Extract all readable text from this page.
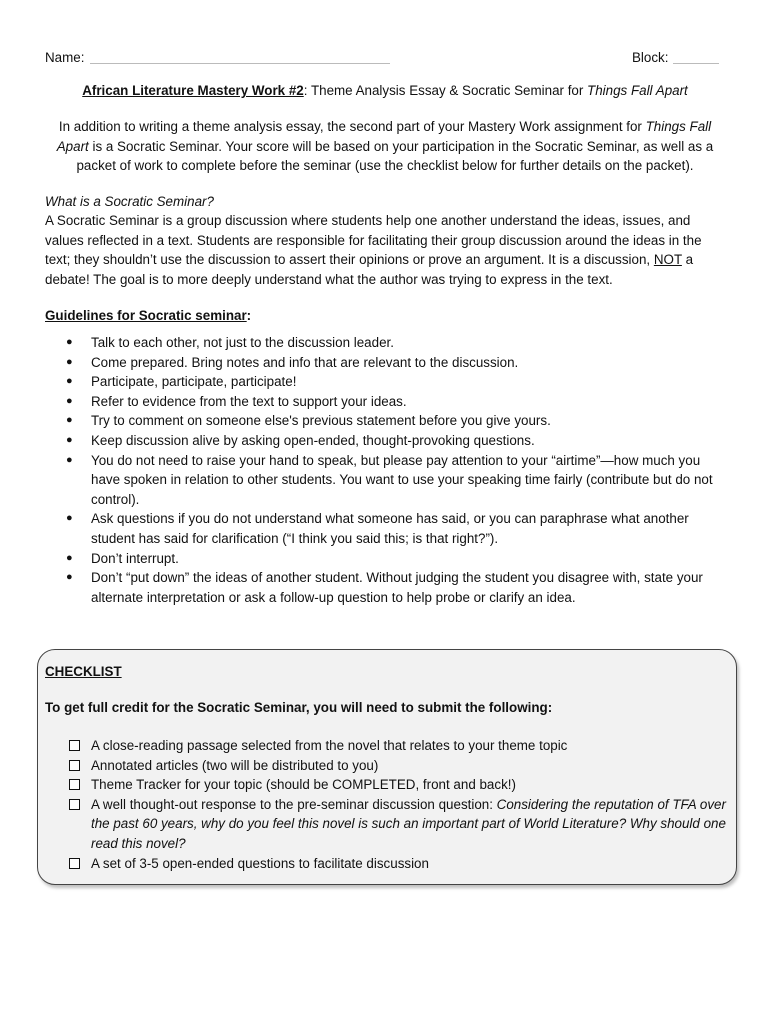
Name:	Block:
African Literature Mastery Work #2: Theme Analysis Essay & Socratic Seminar for Things Fall Apart
In addition to writing a theme analysis essay, the second part of your Mastery Work assignment for Things Fall
Apart is a Socratic Seminar. Your score will be based on your participation in the Socratic Seminar, as well as a packet of work to complete before the seminar (use the checklist below for further details on the packet).
What is a Socratic Seminar?
A Socratic Seminar is a group discussion where students help one another understand the ideas, issues, and values reflected in a text. Students are responsible for facilitating their group discussion around the ideas in the text; they shouldn’t use the discussion to assert their opinions or prove an argument. It is a discussion, NOT a debate! The goal is to more deeply understand what the author was trying to express in the text.
Guidelines for Socratic seminar:
● Talk to each other, not just to the discussion leader.
● Come prepared. Bring notes and info that are relevant to the discussion.
● Participate, participate, participate!
● Refer to evidence from the text to support your ideas.
● Try to comment on someone else's previous statement before you give yours.
● Keep discussion alive by asking open-ended, thought-provoking questions.
● You do not need to raise your hand to speak, but please pay attention to your “airtime”—how much you have spoken in relation to other students. You want to use your speaking time fairly (contribute but do not control).
● Ask questions if you do not understand what someone has said, or you can paraphrase what another student has said for clarification (“I think you said this; is that right?”).
● Don’t interrupt.
● Don’t “put down” the ideas of another student. Without judging the student you disagree with, state your alternate interpretation or ask a follow-up question to help probe or clarify an idea.
CHECKLIST
To get full credit for the Socratic Seminar, you will need to submit the following:
A close-reading passage selected from the novel that relates to your theme topic
Annotated articles (two will be distributed to you)
Theme Tracker for your topic (should be COMPLETED, front and back!)
A well thought-out response to the pre-seminar discussion question: Considering the reputation of TFA over the past 60 years, why do you feel this novel is such an important part of World Literature? Why should one read this novel?
A set of 3-5 open-ended questions to facilitate discussion
